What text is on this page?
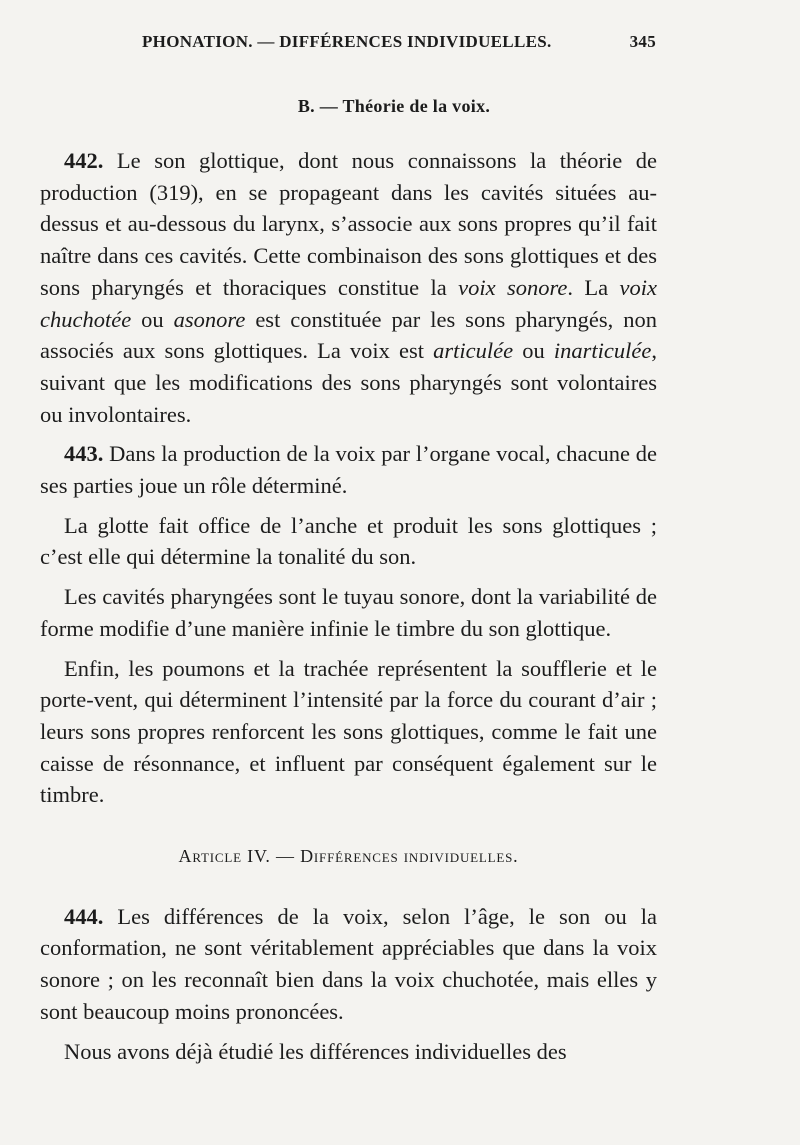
PHONATION. — DIFFÉRENCES INDIVIDUELLES.	345
B. — Théorie de la voix.

442. Le son glottique, dont nous connaissons la théorie de production (319), en se propageant dans les cavités situées au-dessus et au-dessous du larynx, s’associe aux sons propres qu’il fait naître dans ces cavités. Cette combinaison des sons glottiques et des sons pharyngés et thoraciques constitue la voix sonore. La voix chuchotée ou asonore est constituée par les sons pharyngés, non associés aux sons glottiques. La voix est articulée ou inarticulée, suivant que les modifications des sons pharyngés sont volontaires ou involontaires.

443. Dans la production de la voix par l’organe vocal, chacune de ses parties joue un rôle déterminé.

La glotte fait office de l’anche et produit les sons glottiques ; c’est elle qui détermine la tonalité du son.

Les cavités pharyngées sont le tuyau sonore, dont la variabilité de forme modifie d’une manière infinie le timbre du son glottique.

Enfin, les poumons et la trachée représentent la soufflerie et le porte-vent, qui déterminent l’intensité par la force du courant d’air ; leurs sons propres renforcent les sons glottiques, comme le fait une caisse de résonnance, et influent par conséquent également sur le timbre.

Article IV. — Différences individuelles.

444. Les différences de la voix, selon l’âge, le son ou la conformation, ne sont véritablement appréciables que dans la voix sonore ; on les reconnaît bien dans la voix chuchotée, mais elles y sont beaucoup moins prononcées.

Nous avons déjà étudié les différences individuelles des
